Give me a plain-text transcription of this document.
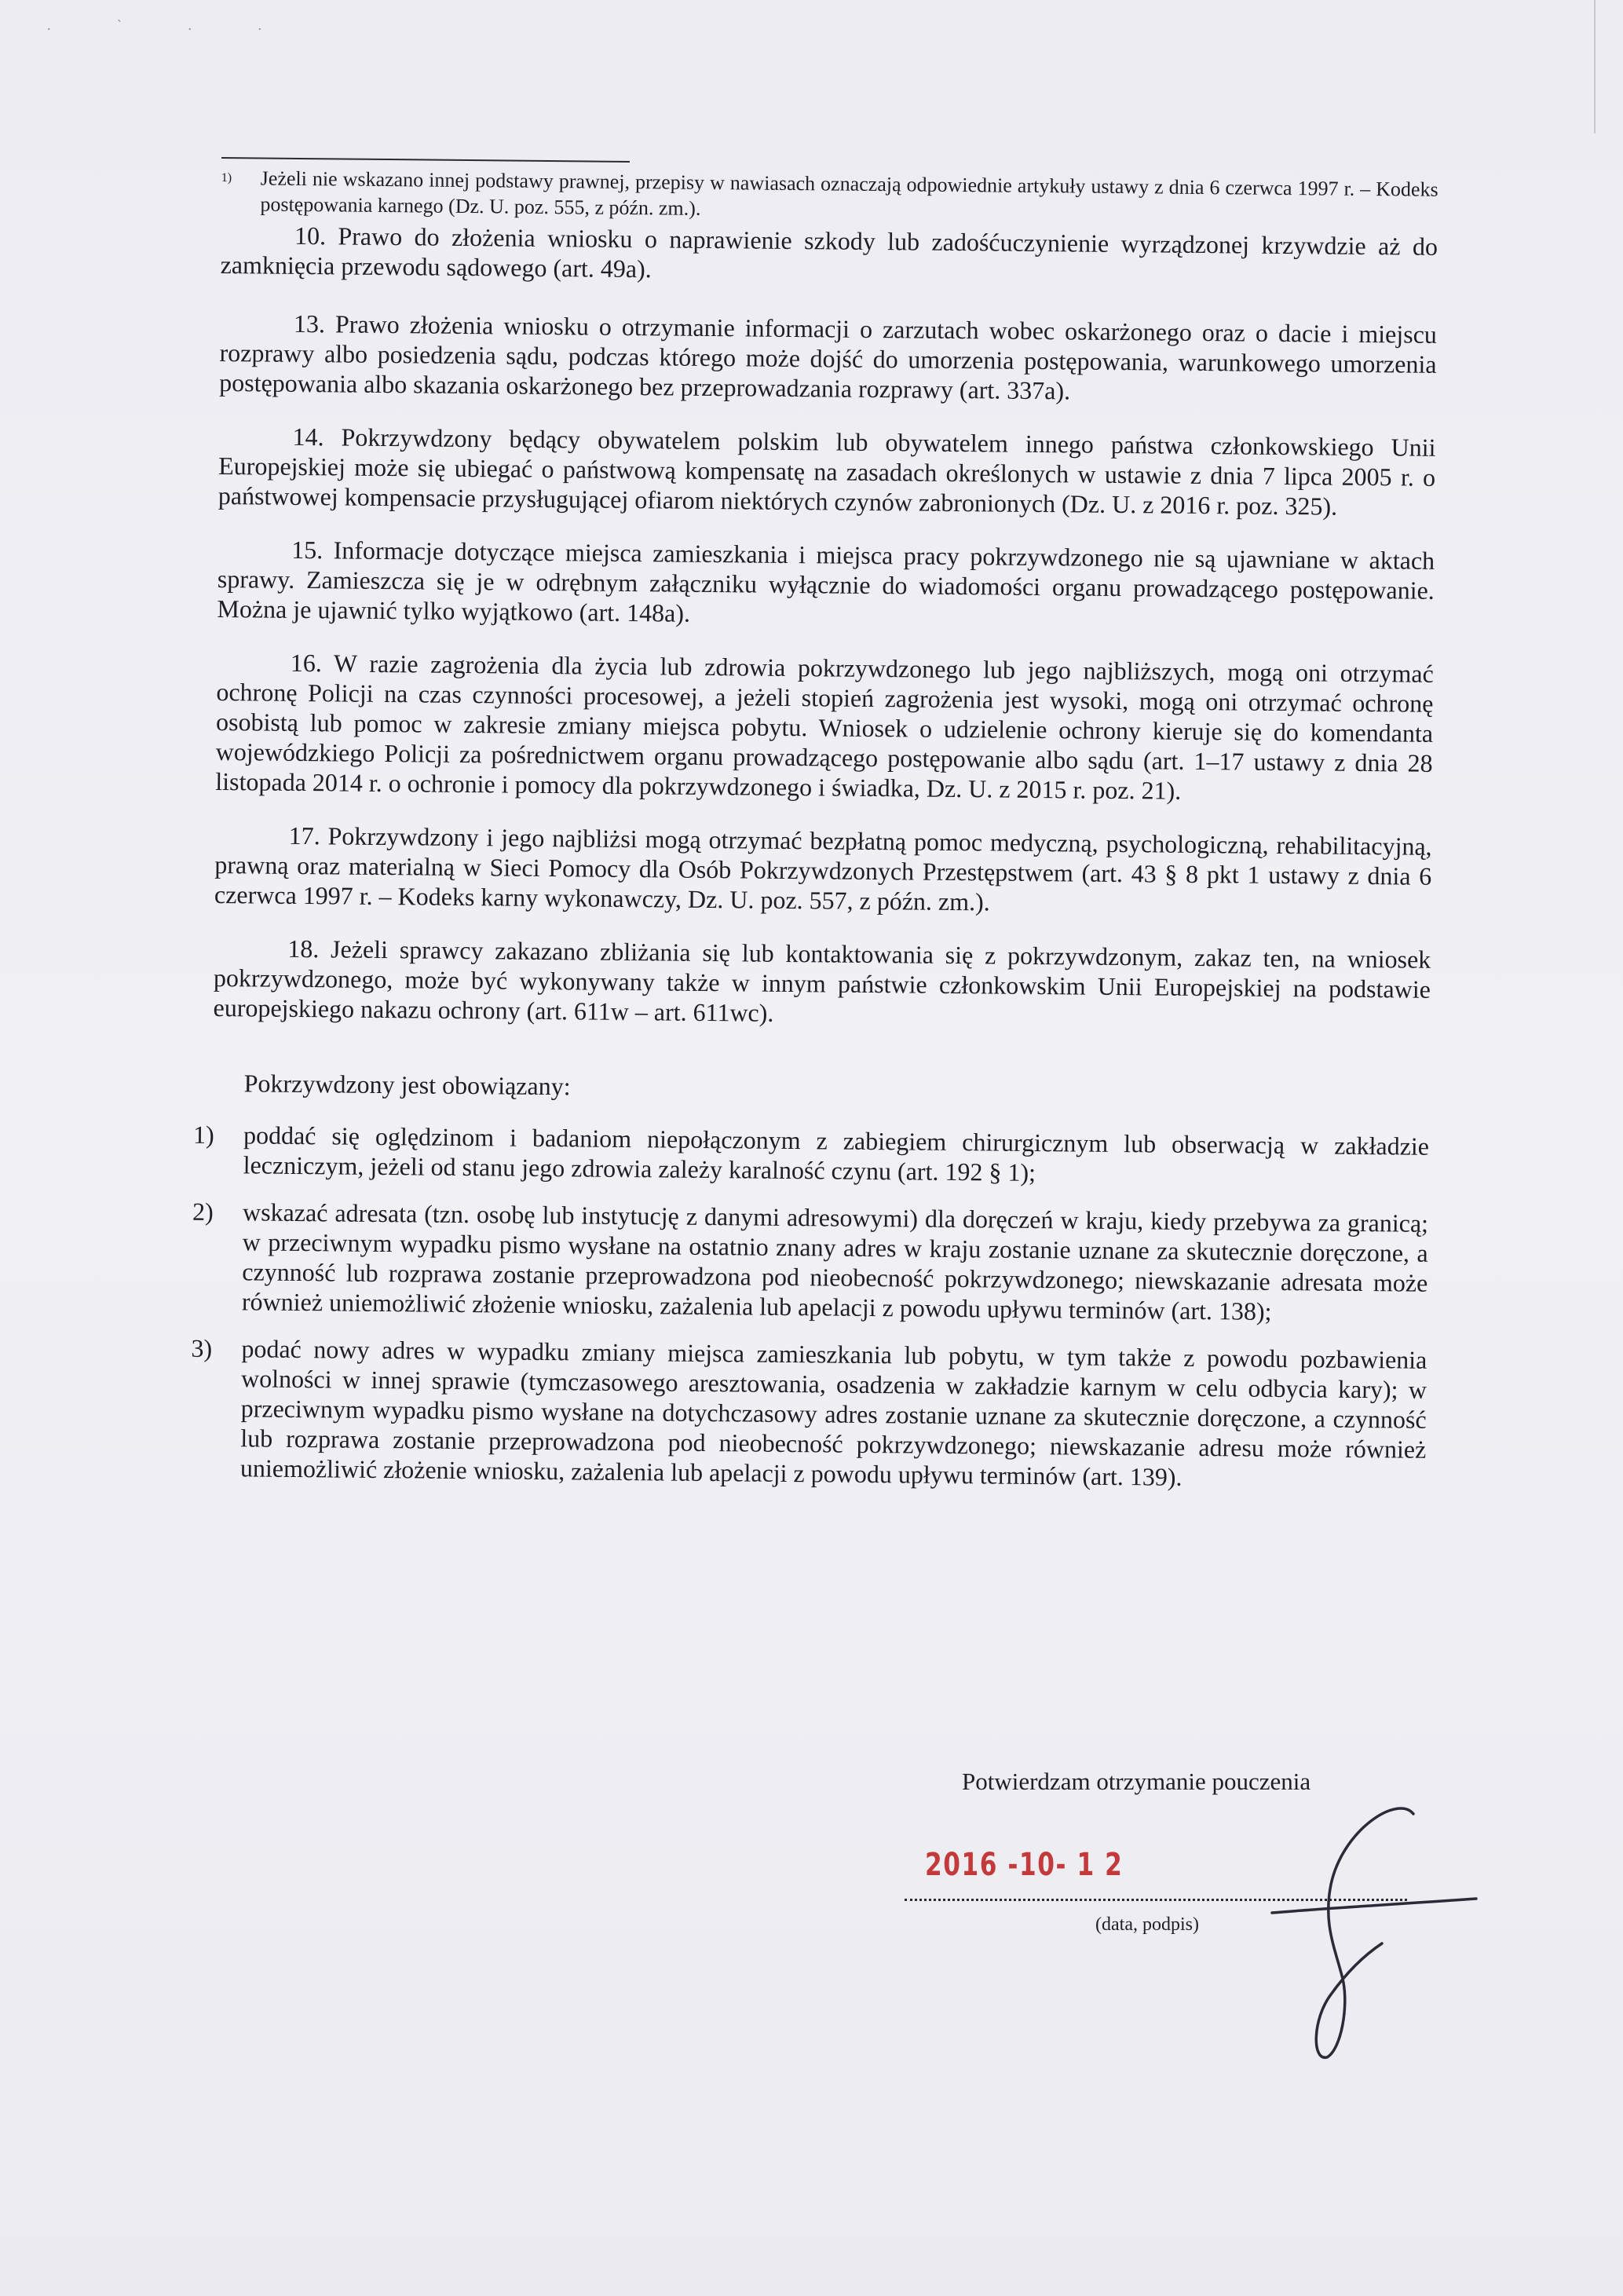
. ` . .

$^{1)}$ Jeżeli nie wskazano innej podstawy prawnej, przepisy w nawiasach oznaczają odpowiednie artykuły ustawy z dnia 6 czerwca 1997 r. – Kodeks postępowania karnego (Dz. U. poz. 555, z późn. zm.).

10. Prawo do złożenia wniosku o naprawienie szkody lub zadośćuczynienie wyrządzonej krzywdzie aż do zamknięcia przewodu sądowego (art. 49a).

13. Prawo złożenia wniosku o otrzymanie informacji o zarzutach wobec oskarżonego oraz o dacie i miejscu rozprawy albo posiedzenia sądu, podczas którego może dojść do umorzenia postępowania, warunkowego umorzenia postępowania albo skazania oskarżonego bez przeprowadzania rozprawy (art. 337a).

14. Pokrzywdzony będący obywatelem polskim lub obywatelem innego państwa członkowskiego Unii Europejskiej może się ubiegać o państwową kompensatę na zasadach określonych w ustawie z dnia 7 lipca 2005 r. o państwowej kompensacie przysługującej ofiarom niektórych czynów zabronionych (Dz. U. z 2016 r. poz. 325).

15. Informacje dotyczące miejsca zamieszkania i miejsca pracy pokrzywdzonego nie są ujawniane w aktach sprawy. Zamieszcza się je w odrębnym załączniku wyłącznie do wiadomości organu prowadzącego postępowanie. Można je ujawnić tylko wyjątkowo (art. 148a).

16. W razie zagrożenia dla życia lub zdrowia pokrzywdzonego lub jego najbliższych, mogą oni otrzymać ochronę Policji na czas czynności procesowej, a jeżeli stopień zagrożenia jest wysoki, mogą oni otrzymać ochronę osobistą lub pomoc w zakresie zmiany miejsca pobytu. Wniosek o udzielenie ochrony kieruje się do komendanta wojewódzkiego Policji za pośrednictwem organu prowadzącego postępowanie albo sądu (art. 1–17 ustawy z dnia 28 listopada 2014 r. o ochronie i pomocy dla pokrzywdzonego i świadka, Dz. U. z 2015 r. poz. 21).

17. Pokrzywdzony i jego najbliżsi mogą otrzymać bezpłatną pomoc medyczną, psychologiczną, rehabilitacyjną, prawną oraz materialną w Sieci Pomocy dla Osób Pokrzywdzonych Przestępstwem (art. 43 § 8 pkt 1 ustawy z dnia 6 czerwca 1997 r. – Kodeks karny wykonawczy, Dz. U. poz. 557, z późn. zm.).

18. Jeżeli sprawcy zakazano zbliżania się lub kontaktowania się z pokrzywdzonym, zakaz ten, na wniosek pokrzywdzonego, może być wykonywany także w innym państwie członkowskim Unii Europejskiej na podstawie europejskiego nakazu ochrony (art. 611w – art. 611wc).

Pokrzywdzony jest obowiązany:

1)	poddać się oględzinom i badaniom niepołączonym z zabiegiem chirurgicznym lub obserwacją w zakładzie leczniczym, jeżeli od stanu jego zdrowia zależy karalność czynu (art. 192 § 1);
2)	wskazać adresata (tzn. osobę lub instytucję z danymi adresowymi) dla doręczeń w kraju, kiedy przebywa za granicą; w przeciwnym wypadku pismo wysłane na ostatnio znany adres w kraju zostanie uznane za skutecznie doręczone, a czynność lub rozprawa zostanie przeprowadzona pod nieobecność pokrzywdzonego; niewskazanie adresata może również uniemożliwić złożenie wniosku, zażalenia lub apelacji z powodu upływu terminów (art. 138);
3)	podać nowy adres w wypadku zmiany miejsca zamieszkania lub pobytu, w tym także z powodu pozbawienia wolności w innej sprawie (tymczasowego aresztowania, osadzenia w zakładzie karnym w celu odbycia kary); w przeciwnym wypadku pismo wysłane na dotychczasowy adres zostanie uznane za skutecznie doręczone, a czynność lub rozprawa zostanie przeprowadzona pod nieobecność pokrzywdzonego; niewskazanie adresu może również uniemożliwić złożenie wniosku, zażalenia lub apelacji z powodu upływu terminów (art. 139).
Potwierdzam otrzymanie pouczenia
2016 -10- 1 2
(data, podpis)
